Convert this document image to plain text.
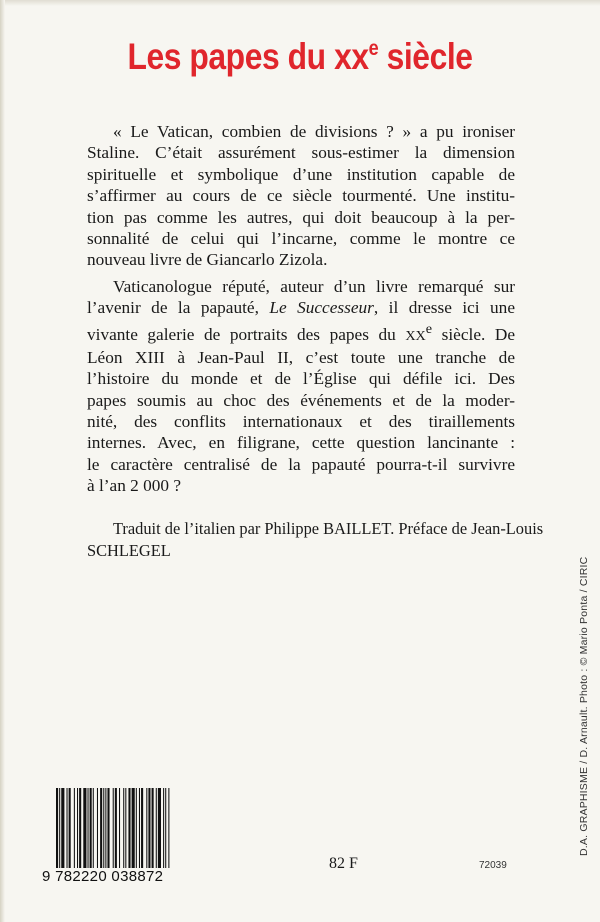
Les papes du $xx^e$ siècle
« Le Vatican, combien de divisions ? » a pu ironiser
Staline. C’était assurément sous-estimer la dimension
spirituelle et symbolique d’une institution capable de
s’affirmer au cours de ce siècle tourmenté. Une institu-
tion pas comme les autres, qui doit beaucoup à la per-
sonnalité de celui qui l’incarne, comme le montre ce
nouveau livre de Giancarlo Zizola.
Vaticanologue réputé, auteur d’un livre remarqué sur
l’avenir de la papauté, Le Successeur, il dresse ici une
vivante galerie de portraits des papes du XXe siècle. De
Léon XIII à Jean-Paul II, c’est toute une tranche de
l’histoire du monde et de l’Église qui défile ici. Des
papes soumis au choc des événements et de la moder-
nité, des conflits internationaux et des tiraillements
internes. Avec, en filigrane, cette question lancinante :
le caractère centralisé de la papauté pourra-t-il survivre
à l’an 2 000 ?
Traduit de l’italien par Philippe BAILLET. Préface de Jean-Louis
SCHLEGEL
D.A. GRAPHISME / D. Arnault. Photo : © Mario Ponta / CIRIC
9 782220 038872
82 F	72039
